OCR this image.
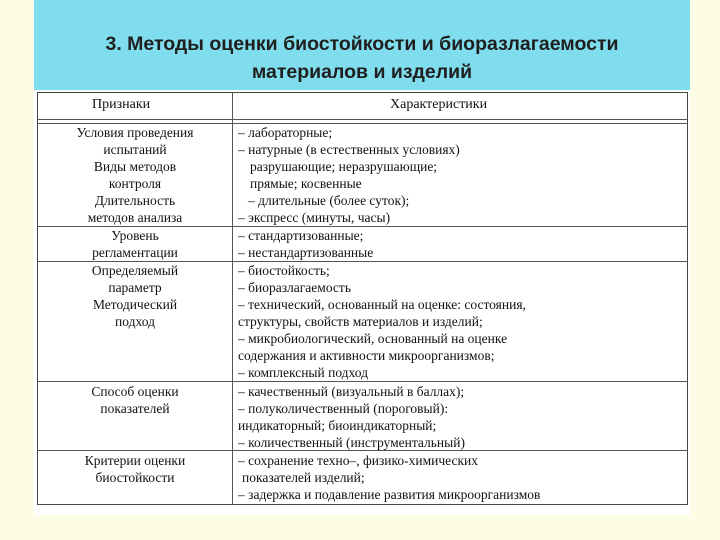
3. Методы оценки биостойкости и биоразлагаемости
материалов и изделий
Признаки	Характеристики
Условия проведения
испытаний
– лабораторные;
– натурные (в естественных условиях)
Виды методов
контроля
разрушающие; неразрушающие;
прямые; косвенные
Длительность
методов анализа
– длительные (более суток);
– экспресс (минуты, часы)
Уровень
регламентации
– стандартизованные;
– нестандартизованные
Определяемый
параметр
Методический
подход
– биостойкость;
– биоразлагаемость
– технический, основанный на оценке: состояния,
структуры, свойств материалов и изделий;
– микробиологический, основанный на оценке
содержания и активности микроорганизмов;
– комплексный подход
Способ оценки
показателей
– качественный (визуальный в баллах);
– полуколичественный (пороговый):
индикаторный; биоиндикаторный;
– количественный (инструментальный)
Критерии оценки
биостойкости
– сохранение техно–, физико-химических
показателей изделий;
– задержка и подавление развития микроорганизмов
